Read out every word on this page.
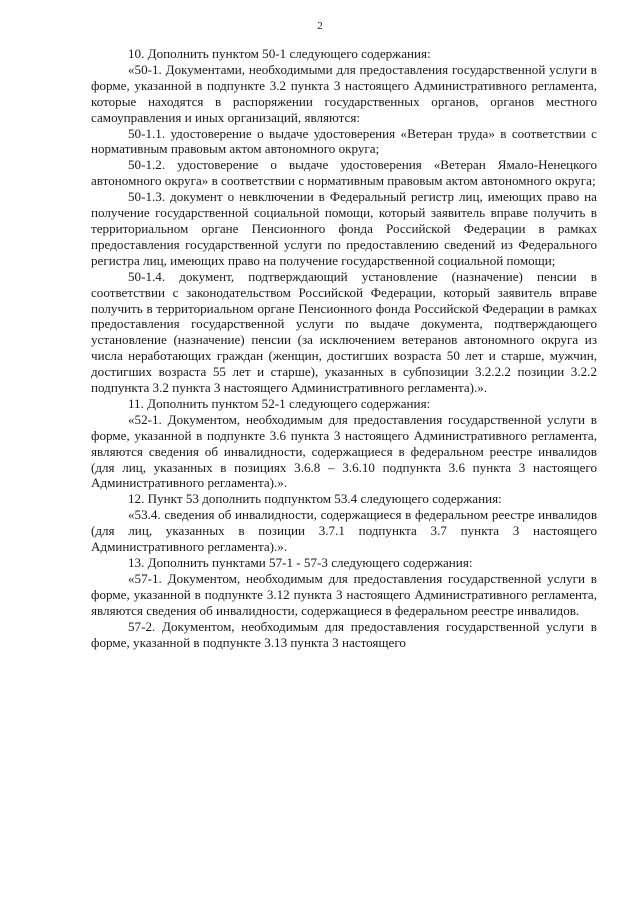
2

10. Дополнить пунктом 50-1 следующего содержания:

«50-1. Документами, необходимыми для предоставления государственной услуги в форме, указанной в подпункте 3.2 пункта 3 настоящего Административного регламента, которые находятся в распоряжении государственных органов, органов местного самоуправления и иных организаций, являются:

50-1.1. удостоверение о выдаче удостоверения «Ветеран труда» в соответствии с нормативным правовым актом автономного округа;

50-1.2. удостоверение о выдаче удостоверения «Ветеран Ямало-Ненецкого автономного округа» в соответствии с нормативным правовым актом автономного округа;

50-1.3. документ о невключении в Федеральный регистр лиц, имеющих право на получение государственной социальной помощи, который заявитель вправе получить в территориальном органе Пенсионного фонда Российской Федерации в рамках предоставления государственной услуги по предоставлению сведений из Федерального регистра лиц, имеющих право на получение государственной социальной помощи;

50-1.4. документ, подтверждающий установление (назначение) пенсии в соответствии с законодательством Российской Федерации, который заявитель вправе получить в территориальном органе Пенсионного фонда Российской Федерации в рамках предоставления государственной услуги по выдаче документа, подтверждающего установление (назначение) пенсии (за исключением ветеранов автономного округа из числа неработающих граждан (женщин, достигших возраста 50 лет и старше, мужчин, достигших возраста 55 лет и старше), указанных в субпозиции 3.2.2.2 позиции 3.2.2 подпункта 3.2 пункта 3 настоящего Административного регламента).».

11. Дополнить пунктом 52-1 следующего содержания:

«52-1. Документом, необходимым для предоставления государственной услуги в форме, указанной в подпункте 3.6 пункта 3 настоящего Административного регламента, являются сведения об инвалидности, содержащиеся в федеральном реестре инвалидов (для лиц, указанных в позициях 3.6.8 – 3.6.10 подпункта 3.6 пункта 3 настоящего Административного регламента).».

12. Пункт 53 дополнить подпунктом 53.4 следующего содержания:

«53.4. сведения об инвалидности, содержащиеся в федеральном реестре инвалидов (для лиц, указанных в позиции 3.7.1 подпункта 3.7 пункта 3 настоящего Административного регламента).».

13. Дополнить пунктами 57-1 - 57-3 следующего содержания:

«57-1. Документом, необходимым для предоставления государственной услуги в форме, указанной в подпункте 3.12 пункта 3 настоящего Административного регламента, являются сведения об инвалидности, содержащиеся в федеральном реестре инвалидов.

57-2. Документом, необходимым для предоставления государственной услуги в форме, указанной в подпункте 3.13 пункта 3 настоящего
